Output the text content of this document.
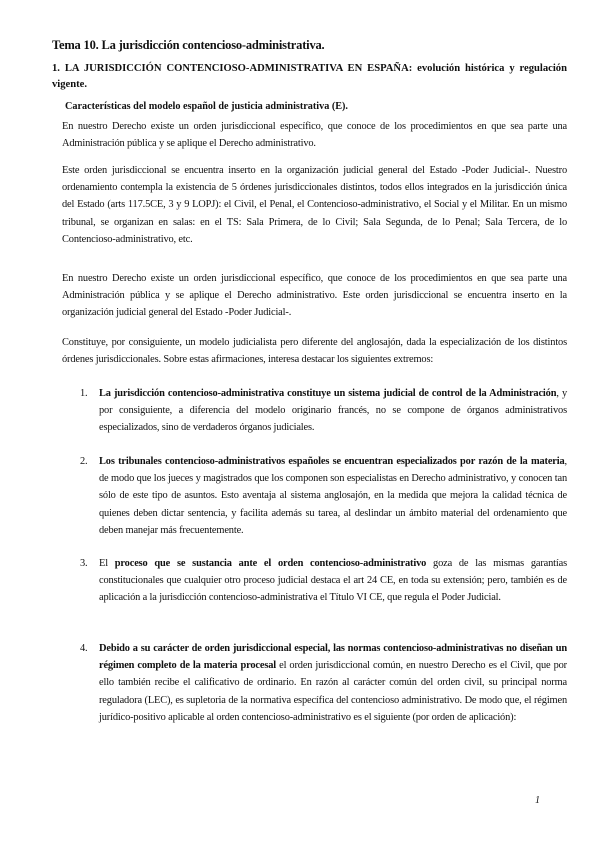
Tema 10. La jurisdicción contencioso-administrativa.
1. LA JURISDICCIÓN CONTENCIOSO-ADMINISTRATIVA EN ESPAÑA: evolución histórica y regulación vigente.
Características del modelo español de justicia administrativa (E).
En nuestro Derecho existe un orden jurisdiccional específico, que conoce de los procedimientos en que sea parte una Administración pública y se aplique el Derecho administrativo.
Este orden jurisdiccional se encuentra inserto en la organización judicial general del Estado -Poder Judicial-. Nuestro ordenamiento contempla la existencia de 5 órdenes jurisdiccionales distintos, todos ellos integrados en la jurisdicción única del Estado (arts 117.5CE, 3 y 9 LOPJ): el Civil, el Penal, el Contencioso-administrativo, el Social y el Militar. En un mismo tribunal, se organizan en salas: en el TS: Sala Primera, de lo Civil; Sala Segunda, de lo Penal; Sala Tercera, de lo Contencioso-administrativo, etc.
En nuestro Derecho existe un orden jurisdiccional específico, que conoce de los procedimientos en que sea parte una Administración pública y se aplique el Derecho administrativo. Este orden jurisdiccional se encuentra inserto en la organización judicial general del Estado -Poder Judicial-.
Constituye, por consiguiente, un modelo judicialista pero diferente del anglosajón, dada la especialización de los distintos órdenes jurisdiccionales. Sobre estas afirmaciones, interesa destacar los siguientes extremos:
1.	La jurisdicción contencioso-administrativa constituye un sistema judicial de control de la Administración, y por consiguiente, a diferencia del modelo originario francés, no se compone de órganos administrativos especializados, sino de verdaderos órganos judiciales.
2.	Los tribunales contencioso-administrativos españoles se encuentran especializados por razón de la materia, de modo que los jueces y magistrados que los componen son especialistas en Derecho administrativo, y conocen tan sólo de este tipo de asuntos. Esto aventaja al sistema anglosajón, en la medida que mejora la calidad técnica de quienes deben dictar sentencia, y facilita además su tarea, al deslindar un ámbito material del ordenamiento que deben manejar más frecuentemente.
3.	El proceso que se sustancia ante el orden contencioso-administrativo goza de las mismas garantías constitucionales que cualquier otro proceso judicial destaca el art 24 CE, en toda su extensión; pero, también es de aplicación a la jurisdicción contencioso-administrativa el Título VI CE, que regula el Poder Judicial.
4.	Debido a su carácter de orden jurisdiccional especial, las normas contencioso-administrativas no diseñan un régimen completo de la materia procesal el orden jurisdiccional común, en nuestro Derecho es el Civil, que por ello también recibe el calificativo de ordinario. En razón al carácter común del orden civil, su principal norma reguladora (LEC), es supletoria de la normativa específica del contencioso administrativo. De modo que, el régimen jurídico-positivo aplicable al orden contencioso-administrativo es el siguiente (por orden de aplicación):
1
